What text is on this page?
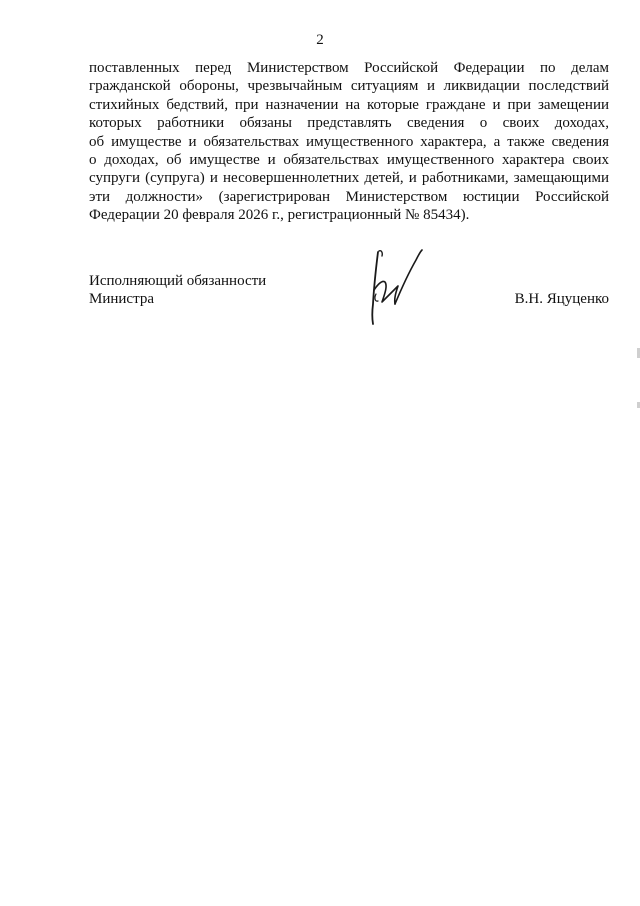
2

поставленных перед Министерством Российской Федерации по делам
гражданской обороны, чрезвычайным ситуациям и ликвидации последствий
стихийных бедствий, при назначении на которые граждане и при замещении
которых работники обязаны представлять сведения о своих доходах,
об имуществе и обязательствах имущественного характера, а также сведения
о доходах, об имуществе и обязательствах имущественного характера своих
супруги (супруга) и несовершеннолетних детей, и работниками, замещающими
эти должности» (зарегистрирован Министерством юстиции Российской
Федерации 20 февраля 2026 г., регистрационный № 85434).

Исполняющий обязанности
Министра	В.Н. Яцуценко
